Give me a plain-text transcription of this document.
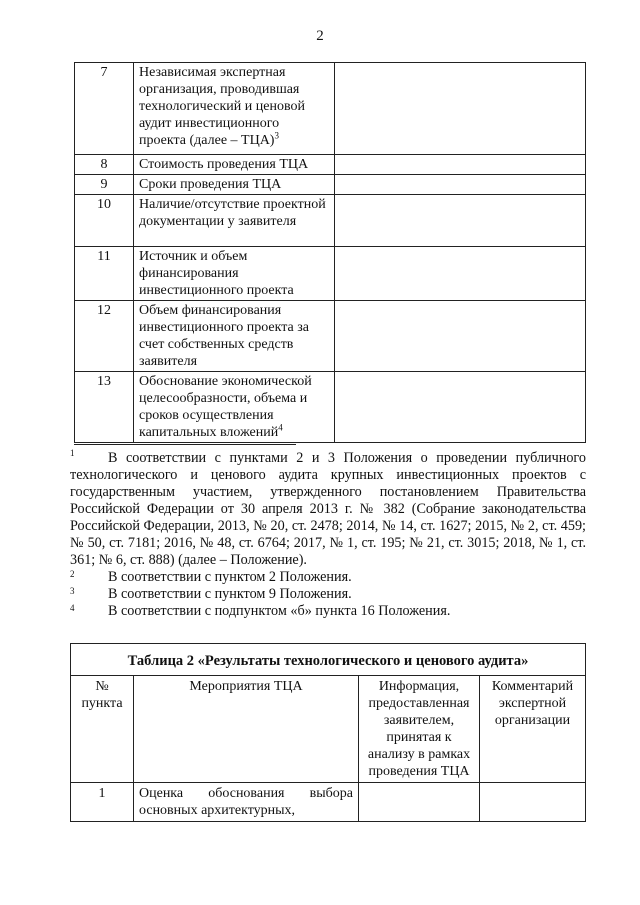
2
7	Независимая экспертная организация, проводившая технологический и ценовой аудит инвестиционного проекта (далее – ТЦА)$^3$	
8	Стоимость проведения ТЦА	
9	Сроки проведения ТЦА	
10	Наличие/отсутствие проектной документации у заявителя	
11	Источник и объем финансирования инвестиционного проекта	
12	Объем финансирования инвестиционного проекта за счет собственных средств заявителя	
13	Обоснование экономической целесообразности, объема и сроков осуществления капитальных вложений$^4$	
1 В соответствии с пунктами 2 и 3 Положения о проведении публичного технологического и ценового аудита крупных инвестиционных проектов с государственным участием, утвержденного постановлением Правительства Российской Федерации от 30 апреля 2013 г. № 382 (Собрание законодательства Российской Федерации, 2013, № 20, ст. 2478; 2014, № 14, ст. 1627; 2015, № 2, ст. 459; № 50, ст. 7181; 2016, № 48, ст. 6764; 2017, № 1, ст. 195; № 21, ст. 3015; 2018, № 1, ст. 361; № 6, ст. 888) (далее – Положение).
2 В соответствии с пунктом 2 Положения.
3 В соответствии с пунктом 9 Положения.
4 В соответствии с подпунктом «б» пункта 16 Положения.
Таблица 2 «Результаты технологического и ценового аудита»			
№ пункта	Мероприятия ТЦА	Информация, предоставленная заявителем, принятая к анализу в рамках проведения ТЦА	Комментарий экспертной организации
1	Оценка обоснования выбора основных архитектурных,		
